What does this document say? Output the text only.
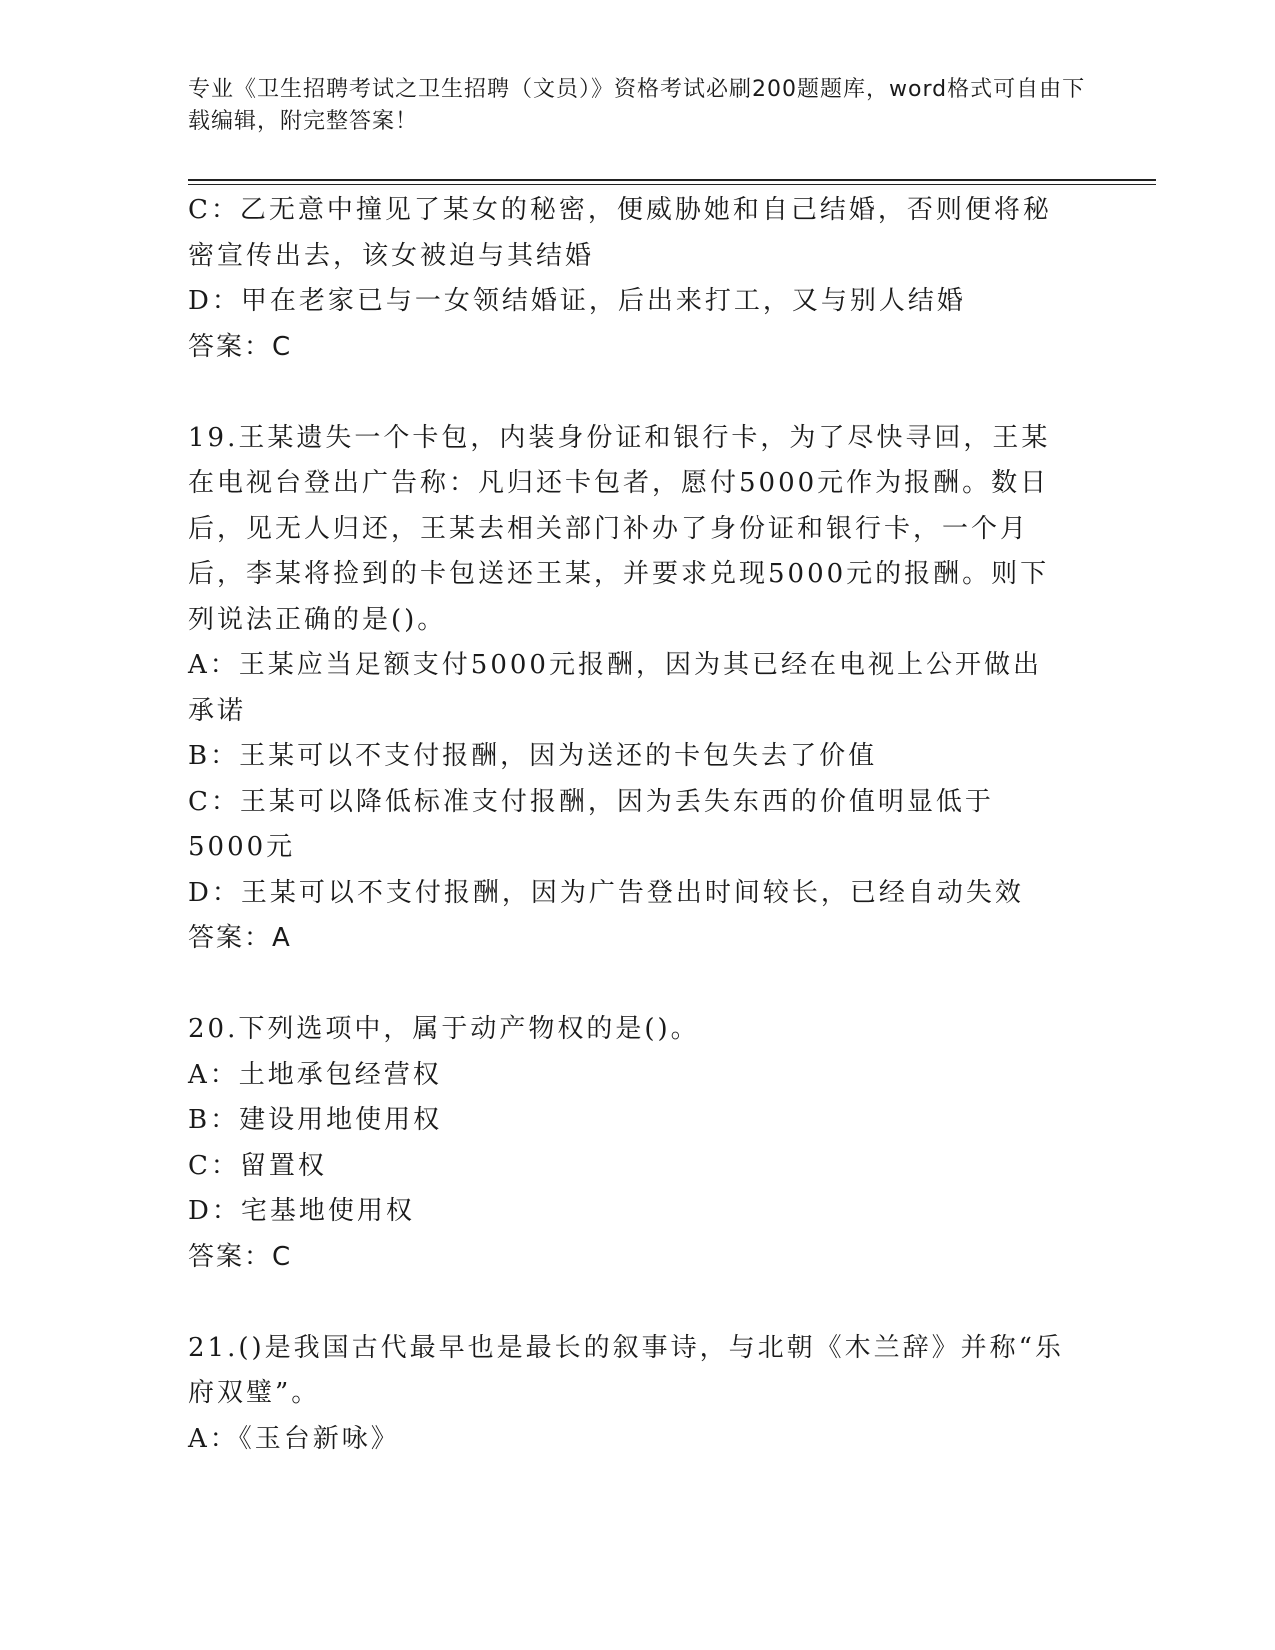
专业《卫生招聘考试之卫生招聘（文员）》资格考试必刷200题题库，word格式可自由下载编辑，附完整答案！

C：乙无意中撞见了某女的秘密，便威胁她和自己结婚，否则便将秘密宣传出去，该女被迫与其结婚

D：甲在老家已与一女领结婚证，后出来打工，又与别人结婚

答案：C

19.王某遗失一个卡包，内装身份证和银行卡，为了尽快寻回，王某在电视台登出广告称：凡归还卡包者，愿付5000元作为报酬。数日后，见无人归还，王某去相关部门补办了身份证和银行卡，一个月后，李某将捡到的卡包送还王某，并要求兑现5000元的报酬。则下列说法正确的是()。

A：王某应当足额支付5000元报酬，因为其已经在电视上公开做出承诺

B：王某可以不支付报酬，因为送还的卡包失去了价值

C：王某可以降低标准支付报酬，因为丢失东西的价值明显低于5000元

D：王某可以不支付报酬，因为广告登出时间较长，已经自动失效

答案：A

20.下列选项中，属于动产物权的是()。

A：土地承包经营权

B：建设用地使用权

C：留置权

D：宅基地使用权

答案：C

21.()是我国古代最早也是最长的叙事诗，与北朝《木兰辞》并称“乐府双璧”。

A：《玉台新咏》
